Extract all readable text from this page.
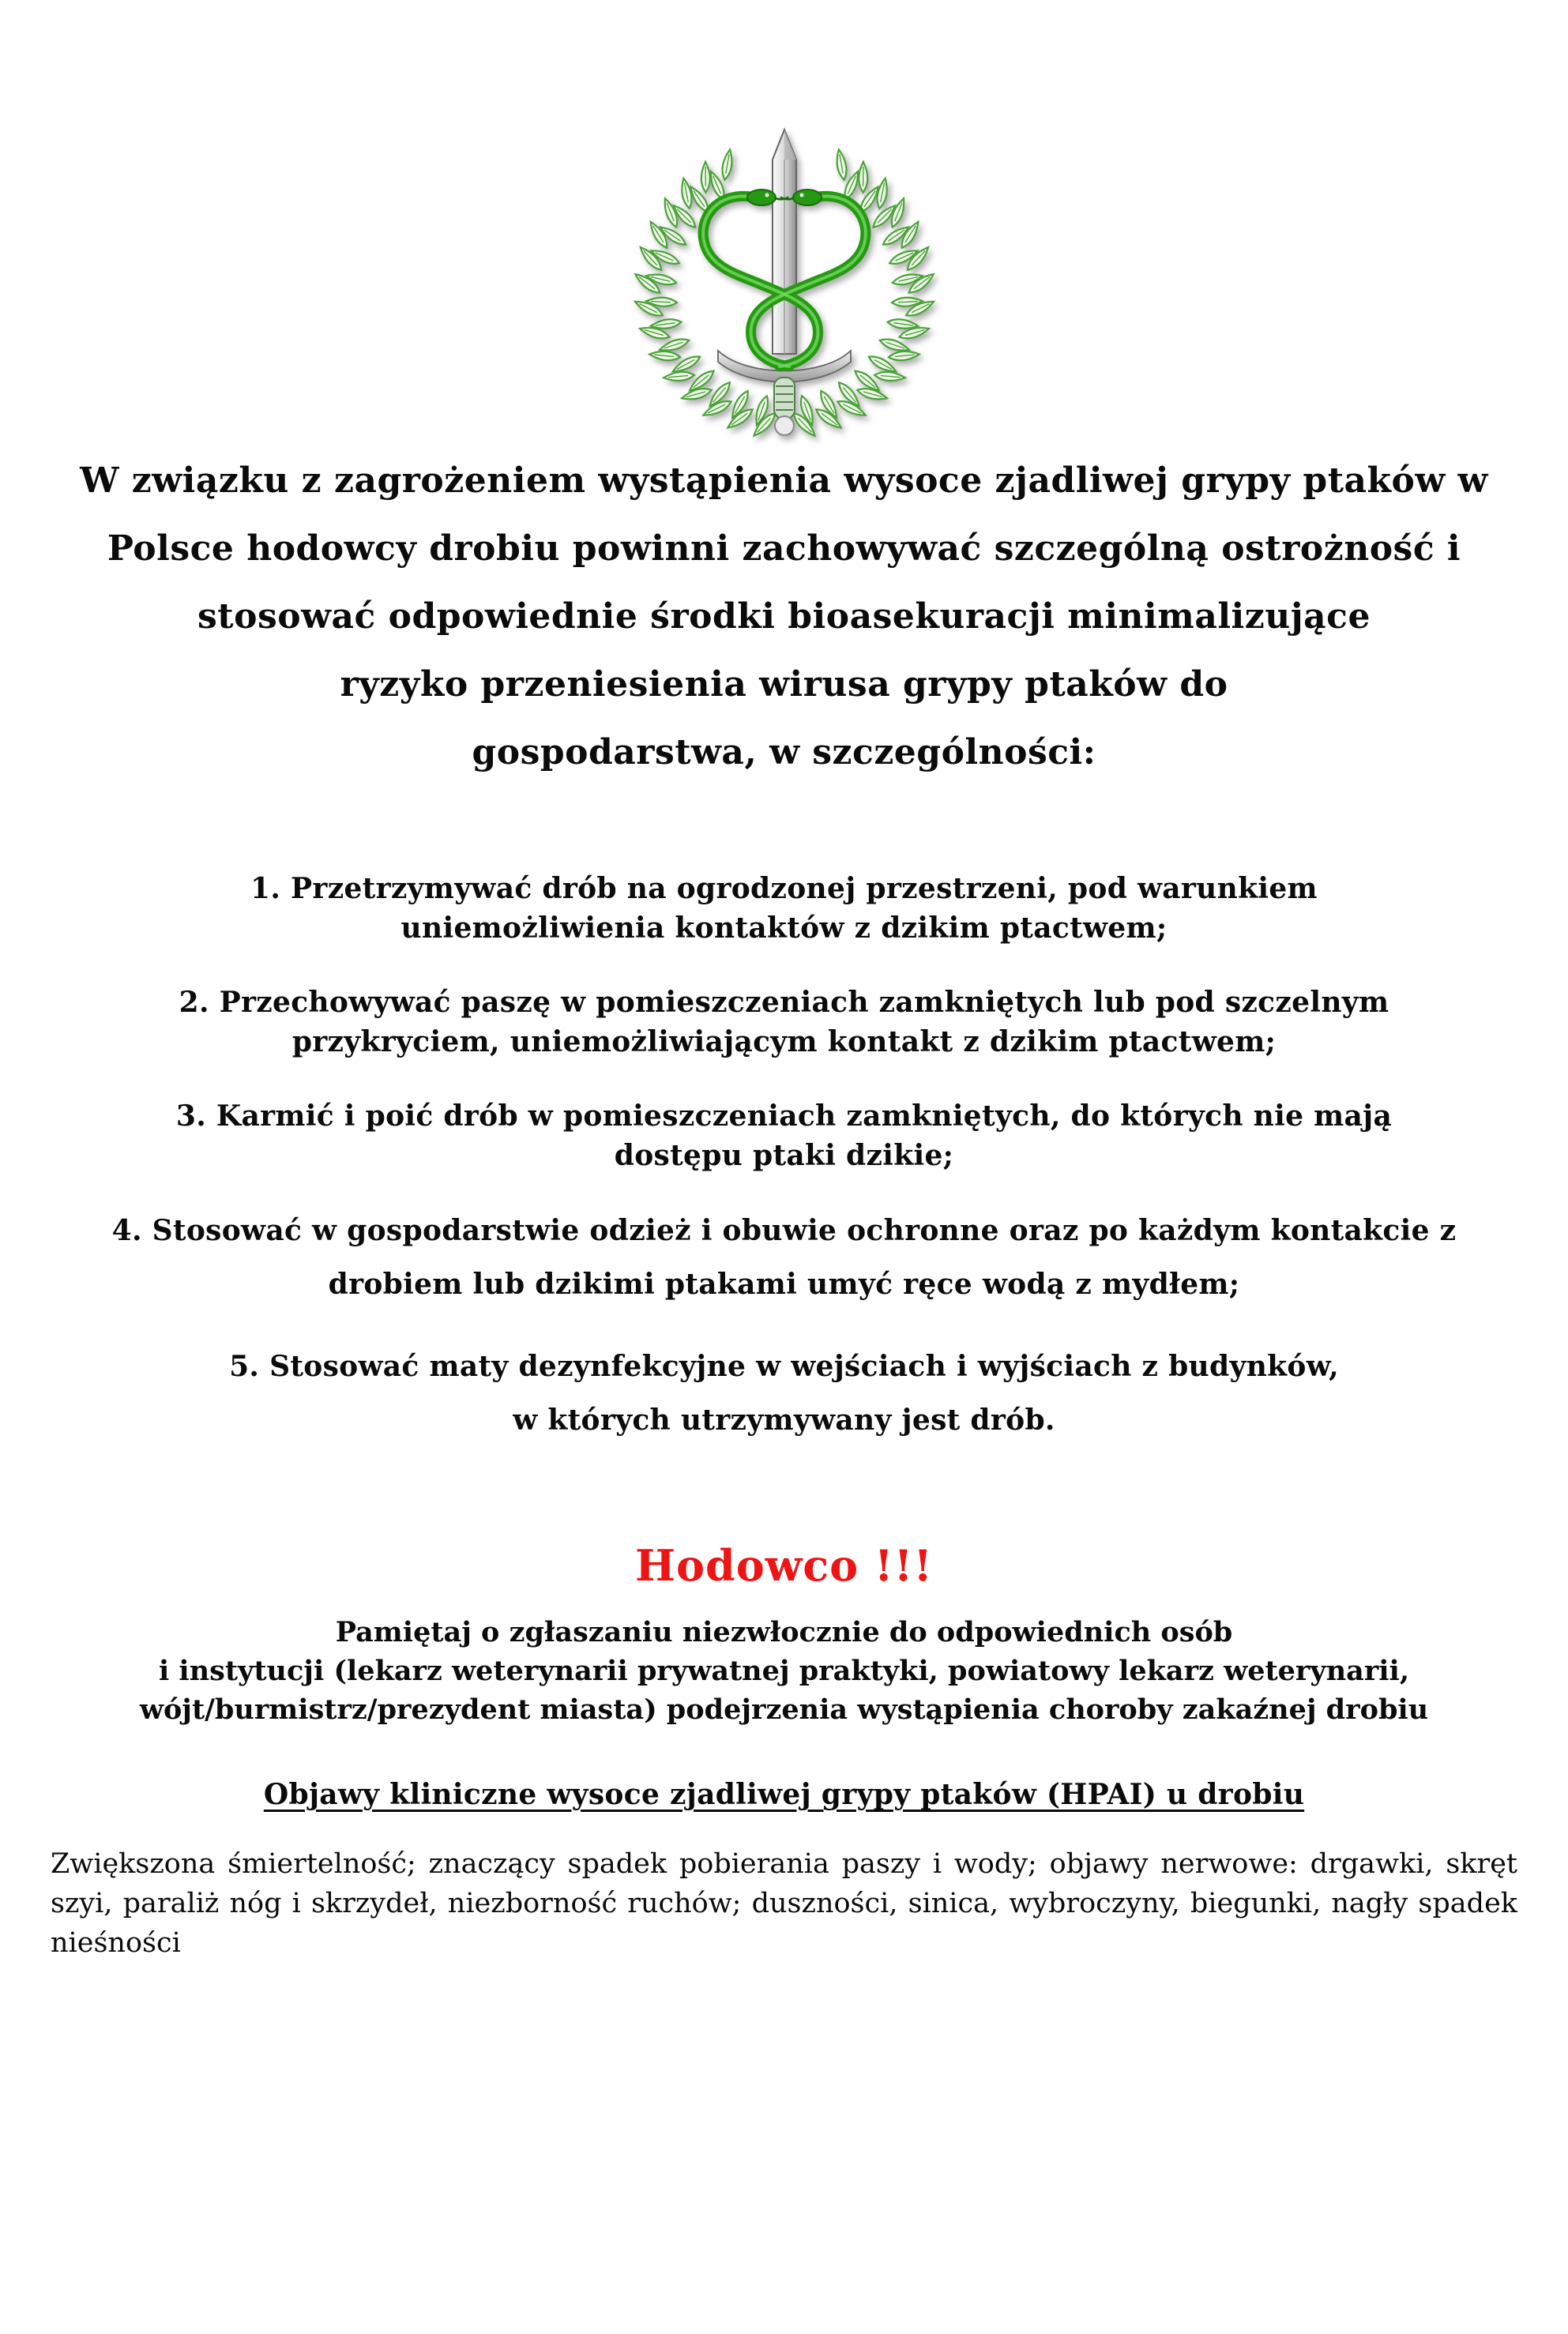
W związku z zagrożeniem wystąpienia wysoce zjadliwej grypy ptaków w
Polsce hodowcy drobiu powinni zachowywać szczególną ostrożność i
stosować odpowiednie środki bioasekuracji minimalizujące
ryzyko przeniesienia wirusa grypy ptaków do
gospodarstwa, w szczególności:
1. Przetrzymywać drób na ogrodzonej przestrzeni, pod warunkiem
uniemożliwienia kontaktów z dzikim ptactwem;
2. Przechowywać paszę w pomieszczeniach zamkniętych lub pod szczelnym
przykryciem, uniemożliwiającym kontakt z dzikim ptactwem;
3. Karmić i poić drób w pomieszczeniach zamkniętych, do których nie mają
dostępu ptaki dzikie;
4. Stosować w gospodarstwie odzież i obuwie ochronne oraz po każdym kontakcie z
drobiem lub dzikimi ptakami umyć ręce wodą z mydłem;
5. Stosować maty dezynfekcyjne w wejściach i wyjściach z budynków,
w których utrzymywany jest drób.
Hodowco !!!
Pamiętaj o zgłaszaniu niezwłocznie do odpowiednich osób
i instytucji (lekarz weterynarii prywatnej praktyki, powiatowy lekarz weterynarii,
wójt/burmistrz/prezydent miasta) podejrzenia wystąpienia choroby zakaźnej drobiu
Objawy kliniczne wysoce zjadliwej grypy ptaków (HPAI) u drobiu
Zwiększona śmiertelność; znaczący spadek pobierania paszy i wody; objawy nerwowe: drgawki, skręt szyi, paraliż nóg i skrzydeł, niezborność ruchów; duszności, sinica, wybroczyny, biegunki, nagły spadek nieśności
